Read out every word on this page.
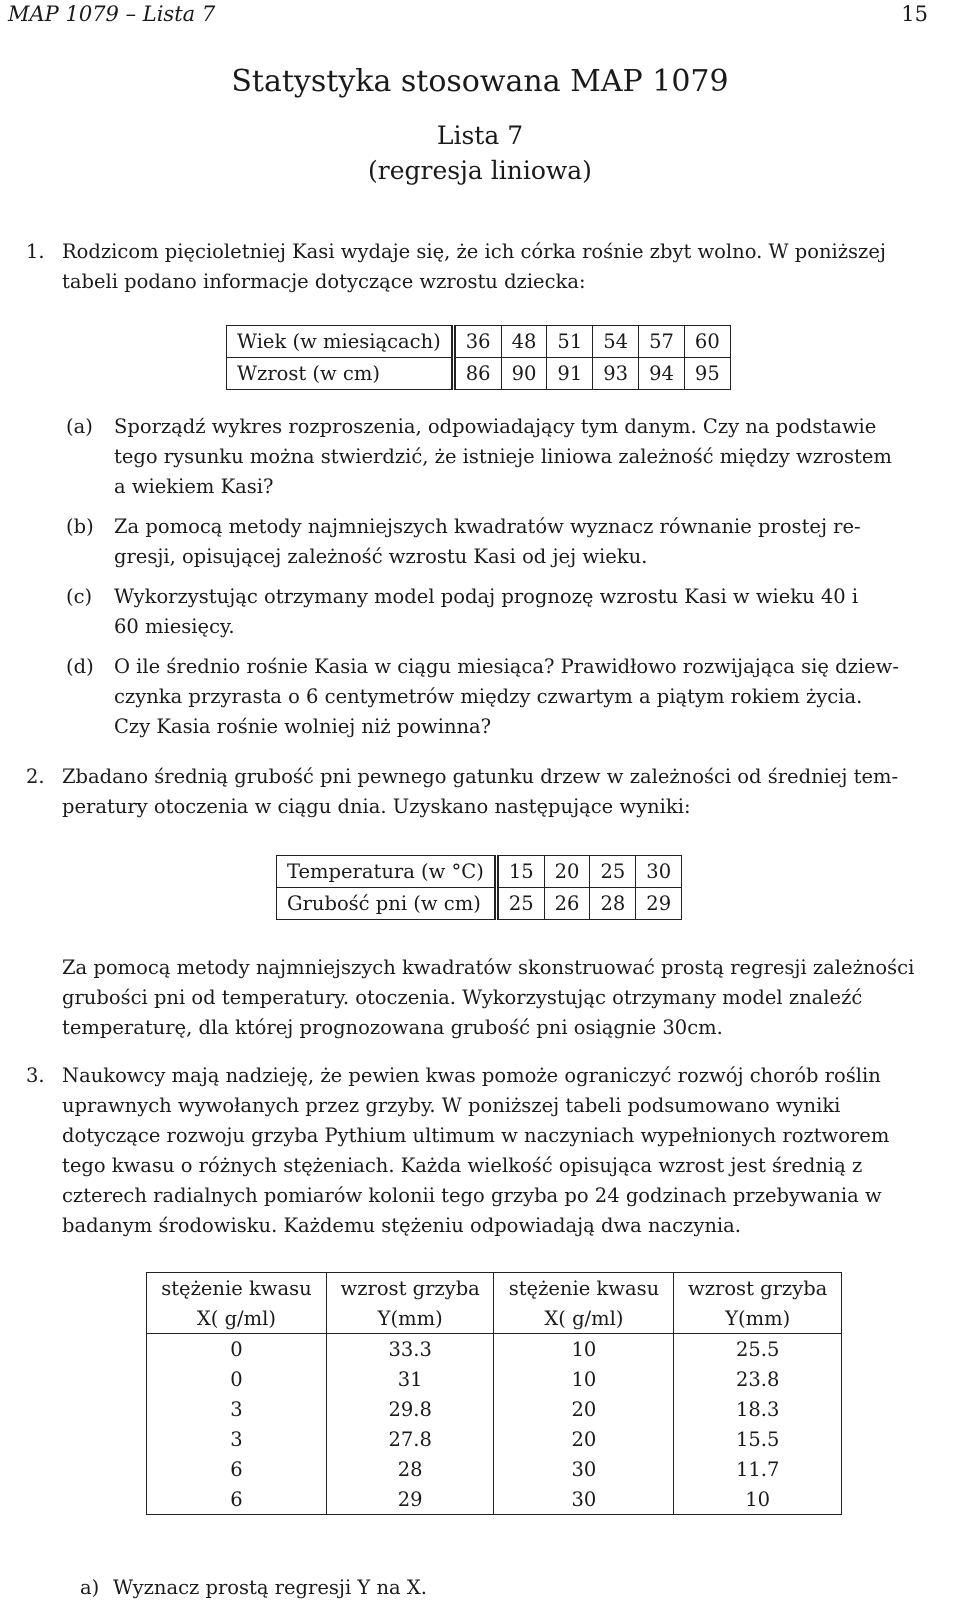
MAP 1079 – Lista 7	15
Statystyka stosowana MAP 1079
Lista 7
(regresja liniowa)
1. Rodzicom pięcioletniej Kasi wydaje się, że ich córka rośnie zbyt wolno. W poniższej
tabeli podano informacje dotyczące wzrostu dziecka:
Wiek (w miesiącach)	36	48	51	54	57	60
Wzrost (w cm)	86	90	91	93	94	95
(a) Sporządź wykres rozproszenia, odpowiadający tym danym. Czy na podstawie
tego rysunku można stwierdzić, że istnieje liniowa zależność między wzrostem
a wiekiem Kasi?
(b) Za pomocą metody najmniejszych kwadratów wyznacz równanie prostej re-
gresji, opisującej zależność wzrostu Kasi od jej wieku.
(c) Wykorzystując otrzymany model podaj prognozę wzrostu Kasi w wieku 40 i
60 miesięcy.
(d) O ile średnio rośnie Kasia w ciągu miesiąca? Prawidłowo rozwijająca się dziew-
czynka przyrasta o 6 centymetrów między czwartym a piątym rokiem życia.
Czy Kasia rośnie wolniej niż powinna?
2. Zbadano średnią grubość pni pewnego gatunku drzew w zależności od średniej tem-
peratury otoczenia w ciągu dnia. Uzyskano następujące wyniki:
Temperatura (w °C)	15	20	25	30
Grubość pni (w cm)	25	26	28	29
Za pomocą metody najmniejszych kwadratów skonstruować prostą regresji zależności
grubości pni od temperatury. otoczenia. Wykorzystując otrzymany model znaleźć
temperaturę, dla której prognozowana grubość pni osiągnie 30cm.
3. Naukowcy mają nadzieję, że pewien kwas pomoże ograniczyć rozwój chorób roślin
uprawnych wywołanych przez grzyby. W poniższej tabeli podsumowano wyniki
dotyczące rozwoju grzyba Pythium ultimum w naczyniach wypełnionych roztworem
tego kwasu o różnych stężeniach. Każda wielkość opisująca wzrost jest średnią z
czterech radialnych pomiarów kolonii tego grzyba po 24 godzinach przebywania w
badanym środowisku. Każdemu stężeniu odpowiadają dwa naczynia.
stężenie kwasu	wzrost grzyba	stężenie kwasu	wzrost grzyba
X( g/ml)	Y(mm)	X( g/ml)	Y(mm)
0	33.3	10	25.5
0	31	10	23.8
3	29.8	20	18.3
3	27.8	20	15.5
6	28	30	11.7
6	29	30	10
a) Wyznacz prostą regresji Y na X.
